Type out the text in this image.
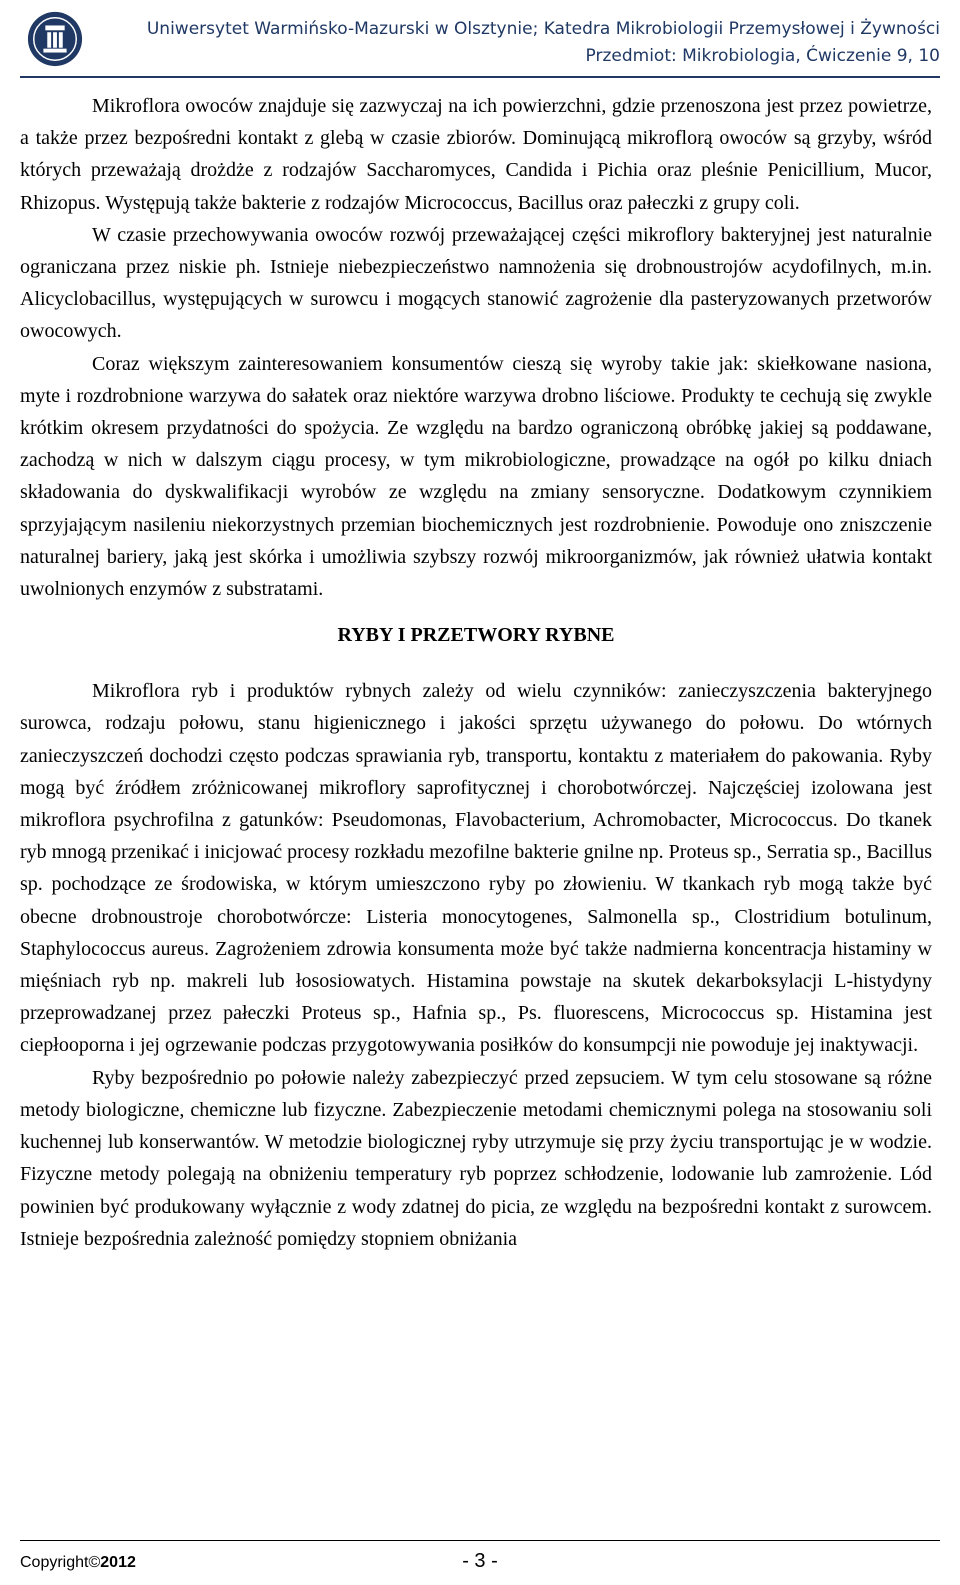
Uniwersytet Warmińsko-Mazurski w Olsztynie; Katedra Mikrobiologii Przemysłowej i Żywności
Przedmiot: Mikrobiologia, Ćwiczenie 9, 10

Mikroflora owoców znajduje się zazwyczaj na ich powierzchni, gdzie przenoszona jest przez powietrze, a także przez bezpośredni kontakt z glebą w czasie zbiorów. Dominującą mikroflorą owoców są grzyby, wśród których przeważają drożdże z rodzajów Saccharomyces, Candida i Pichia oraz pleśnie Penicillium, Mucor, Rhizopus. Występują także bakterie z rodzajów Micrococcus, Bacillus oraz pałeczki z grupy coli.

W czasie przechowywania owoców rozwój przeważającej części mikroflory bakteryjnej jest naturalnie ograniczana przez niskie ph. Istnieje niebezpieczeństwo namnożenia się drobnoustrojów acydofilnych, m.in. Alicyclobacillus, występujących w surowcu i mogących stanowić zagrożenie dla pasteryzowanych przetworów owocowych.

Coraz większym zainteresowaniem konsumentów cieszą się wyroby takie jak: skiełkowane nasiona, myte i rozdrobnione warzywa do sałatek oraz niektóre warzywa drobno liściowe. Produkty te cechują się zwykle krótkim okresem przydatności do spożycia. Ze względu na bardzo ograniczoną obróbkę jakiej są poddawane, zachodzą w nich w dalszym ciągu procesy, w tym mikrobiologiczne, prowadzące na ogół po kilku dniach składowania do dyskwalifikacji wyrobów ze względu na zmiany sensoryczne. Dodatkowym czynnikiem sprzyjającym nasileniu niekorzystnych przemian biochemicznych jest rozdrobnienie. Powoduje ono zniszczenie naturalnej bariery, jaką jest skórka i umożliwia szybszy rozwój mikroorganizmów, jak również ułatwia kontakt uwolnionych enzymów z substratami.

RYBY I PRZETWORY RYBNE

Mikroflora ryb i produktów rybnych zależy od wielu czynników: zanieczyszczenia bakteryjnego surowca, rodzaju połowu, stanu higienicznego i jakości sprzętu używanego do połowu. Do wtórnych zanieczyszczeń dochodzi często podczas sprawiania ryb, transportu, kontaktu z materiałem do pakowania. Ryby mogą być źródłem zróżnicowanej mikroflory saprofitycznej i chorobotwórczej. Najczęściej izolowana jest mikroflora psychrofilna z gatunków: Pseudomonas, Flavobacterium, Achromobacter, Micrococcus. Do tkanek ryb mnogą przenikać i inicjować procesy rozkładu mezofilne bakterie gnilne np. Proteus sp., Serratia sp., Bacillus sp. pochodzące ze środowiska, w którym umieszczono ryby po złowieniu. W tkankach ryb mogą także być obecne drobnoustroje chorobotwórcze: Listeria monocytogenes, Salmonella sp., Clostridium botulinum, Staphylococcus aureus. Zagrożeniem zdrowia konsumenta może być także nadmierna koncentracja histaminy w mięśniach ryb np. makreli lub łososiowatych. Histamina powstaje na skutek dekarboksylacji L-histydyny przeprowadzanej przez pałeczki Proteus sp., Hafnia sp., Ps. fluorescens, Micrococcus sp. Histamina jest ciepłooporna i jej ogrzewanie podczas przygotowywania posiłków do konsumpcji nie powoduje jej inaktywacji.

Ryby bezpośrednio po połowie należy zabezpieczyć przed zepsuciem. W tym celu stosowane są różne metody biologiczne, chemiczne lub fizyczne. Zabezpieczenie metodami chemicznymi polega na stosowaniu soli kuchennej lub konserwantów. W metodzie biologicznej ryby utrzymuje się przy życiu transportując je w wodzie. Fizyczne metody polegają na obniżeniu temperatury ryb poprzez schłodzenie, lodowanie lub zamrożenie. Lód powinien być produkowany wyłącznie z wody zdatnej do picia, ze względu na bezpośredni kontakt z surowcem. Istnieje bezpośrednia zależność pomiędzy stopniem obniżania

Copyright©2012	- 3 -
